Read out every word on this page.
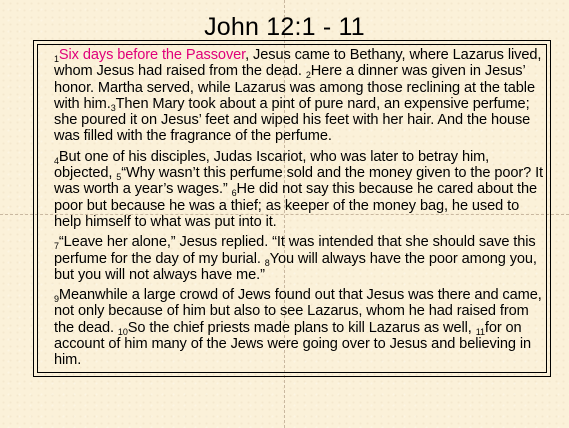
John 12:1 - 11

$_1$Six days before the Passover, Jesus came to Bethany, where Lazarus lived, whom Jesus had raised from the dead. $_2$Here a dinner was given in Jesus’ honor. Martha served, while Lazarus was among those reclining at the table with $him._3Then$ Mary took about a pint of pure nard, an expensive perfume; she poured it on Jesus’ feet and wiped his feet with her hair. And the house was filled with the fragrance of the perfume.

$_4$But one of his disciples, Judas Iscariot, who was later to betray him, objected, $_5$“Why wasn’t this perfume sold and the money given to the poor? It was worth a year’s wages.” $_6$He did not say this because he cared about the poor but because he was a thief; as keeper of the money bag, he used to help himself to what was put into it.

$_7$“Leave her alone,” Jesus replied. “It was intended that she should save this perfume for the day of my burial. $_8$You will always have the poor among you, but you will not always have me.”

$_9$Meanwhile a large crowd of Jews found out that Jesus was there and came, not only because of him but also to see Lazarus, whom he had raised from the dead. $_{10}$So the chief priests made plans to kill Lazarus as well, $_{11}$for on account of him many of the Jews were going over to Jesus and believing in him.
